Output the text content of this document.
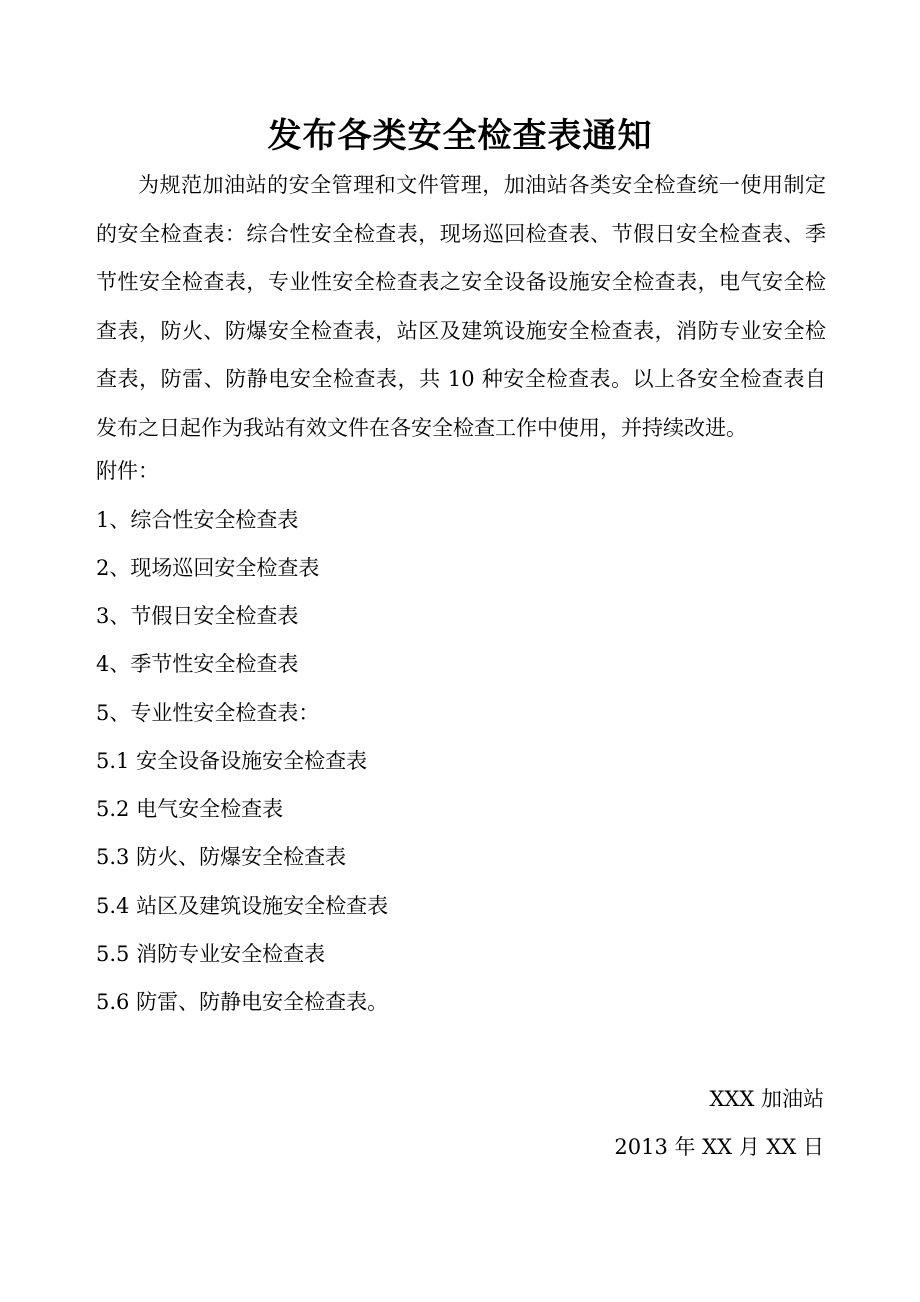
发布各类安全检查表通知

为规范加油站的安全管理和文件管理，加油站各类安全检查统一使用制定的安全检查表：综合性安全检查表，现场巡回检查表、节假日安全检查表、季节性安全检查表，专业性安全检查表之安全设备设施安全检查表，电气安全检查表，防火、防爆安全检查表，站区及建筑设施安全检查表，消防专业安全检查表，防雷、防静电安全检查表，共 10 种安全检查表。以上各安全检查表自发布之日起作为我站有效文件在各安全检查工作中使用，并持续改进。

附件：
1、综合性安全检查表
2、现场巡回安全检查表
3、节假日安全检查表
4、季节性安全检查表
5、专业性安全检查表：
5.1 安全设备设施安全检查表
5.2 电气安全检查表
5.3 防火、防爆安全检查表
5.4 站区及建筑设施安全检查表
5.5 消防专业安全检查表
5.6 防雷、防静电安全检查表。
XXX 加油站
2013 年 XX 月 XX 日
